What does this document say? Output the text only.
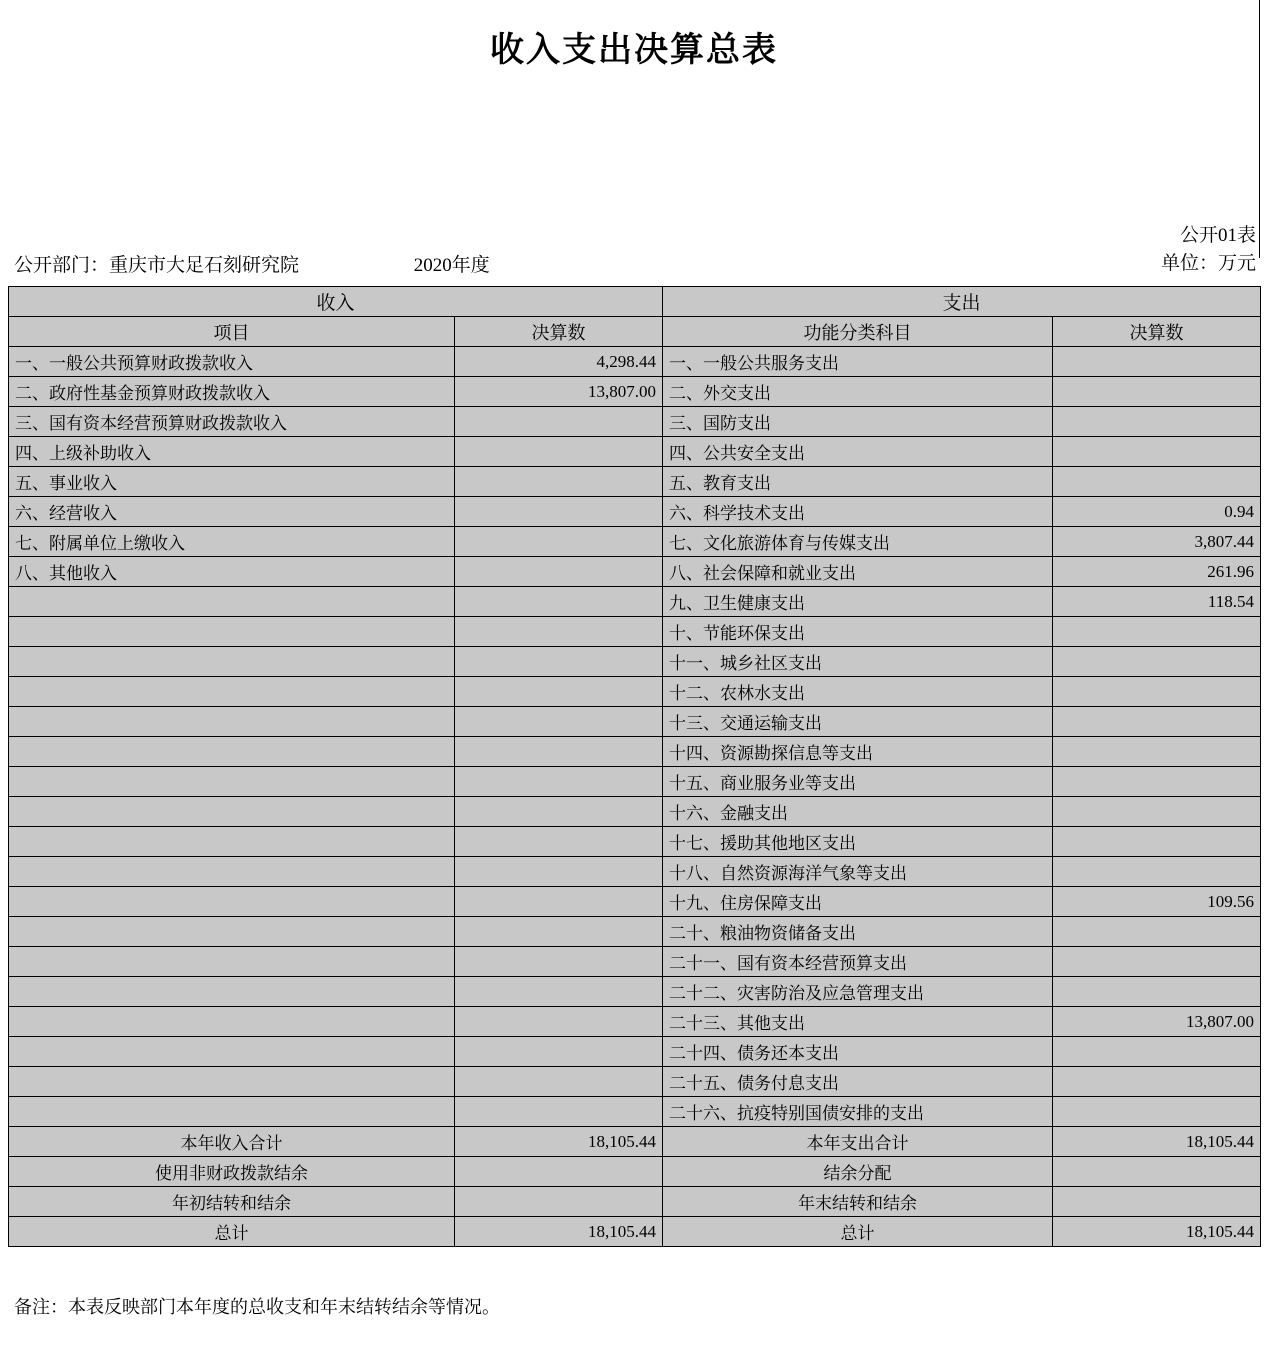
收入支出决算总表
公开01表
单位：万元
公开部门：重庆市大足石刻研究院	2020年度
收入		支出	
项目	决算数	功能分类科目	决算数
一、一般公共预算财政拨款收入	4,298.44	一、一般公共服务支出	
二、政府性基金预算财政拨款收入	13,807.00	二、外交支出	
三、国有资本经营预算财政拨款收入		三、国防支出	
四、上级补助收入		四、公共安全支出	
五、事业收入		五、教育支出	
六、经营收入		六、科学技术支出	0.94
七、附属单位上缴收入		七、文化旅游体育与传媒支出	3,807.44
八、其他收入		八、社会保障和就业支出	261.96
		九、卫生健康支出	118.54
		十、节能环保支出	
		十一、城乡社区支出	
		十二、农林水支出	
		十三、交通运输支出	
		十四、资源勘探信息等支出	
		十五、商业服务业等支出	
		十六、金融支出	
		十七、援助其他地区支出	
		十八、自然资源海洋气象等支出	
		十九、住房保障支出	109.56
		二十、粮油物资储备支出	
		二十一、国有资本经营预算支出	
		二十二、灾害防治及应急管理支出	
		二十三、其他支出	13,807.00
		二十四、债务还本支出	
		二十五、债务付息支出	
		二十六、抗疫特别国债安排的支出	
本年收入合计	18,105.44	本年支出合计	18,105.44
使用非财政拨款结余		结余分配	
年初结转和结余		年末结转和结余	
总计	18,105.44	总计	18,105.44
备注：本表反映部门本年度的总收支和年末结转结余等情况。
